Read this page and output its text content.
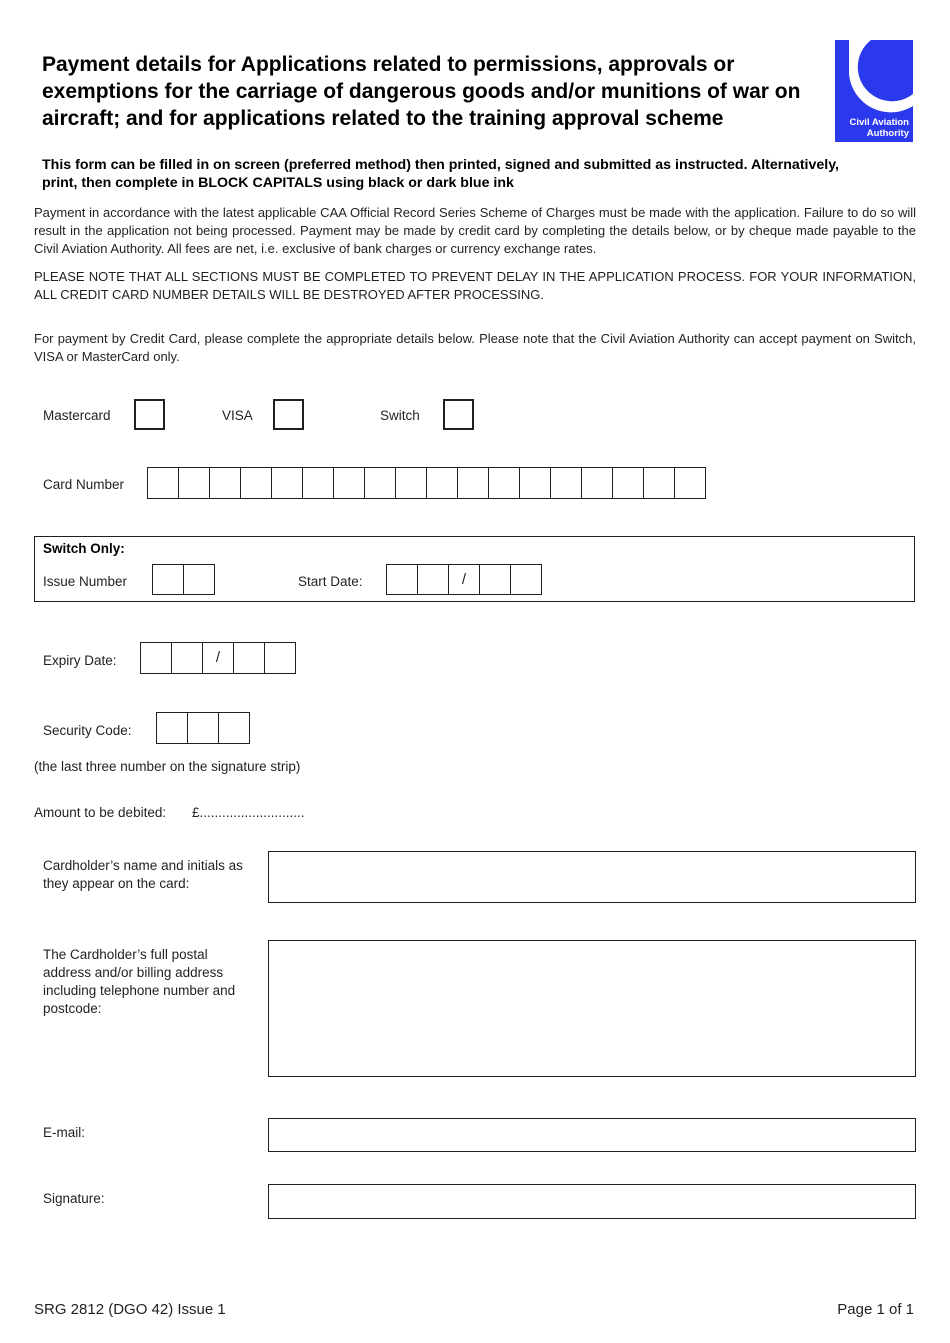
Payment details for Applications related to permissions, approvals or exemptions for the carriage of dangerous goods and/or munitions of war on aircraft; and for applications related to the training approval scheme	Civil Aviation
Authority
This form can be filled in on screen (preferred method) then printed, signed and submitted as instructed. Alternatively, print, then complete in BLOCK CAPITALS using black or dark blue ink
Payment in accordance with the latest applicable CAA Official Record Series Scheme of Charges must be made with the application. Failure to do so will result in the application not being processed. Payment may be made by credit card by completing the details below, or by cheque made payable to the Civil Aviation Authority. All fees are net, i.e. exclusive of bank charges or currency exchange rates.
PLEASE NOTE THAT ALL SECTIONS MUST BE COMPLETED TO PREVENT DELAY IN THE APPLICATION PROCESS. FOR YOUR INFORMATION, ALL CREDIT CARD NUMBER DETAILS WILL BE DESTROYED AFTER PROCESSING.
For payment by Credit Card, please complete the appropriate details below. Please note that the Civil Aviation Authority can accept payment on Switch, VISA or MasterCard only.
Mastercard	VISA	Switch
Card Number
Switch Only:
Issue Number	Start Date:	/
Expiry Date:	/
Security Code:
(the last three number on the signature strip)
Amount to be debited: £............................
Cardholder’s name and initials as they appear on the card:
The Cardholder’s full postal address and/or billing address including telephone number and postcode:
E-mail:
Signature:
SRG 2812 (DGO 42) Issue 1	Page 1 of 1
